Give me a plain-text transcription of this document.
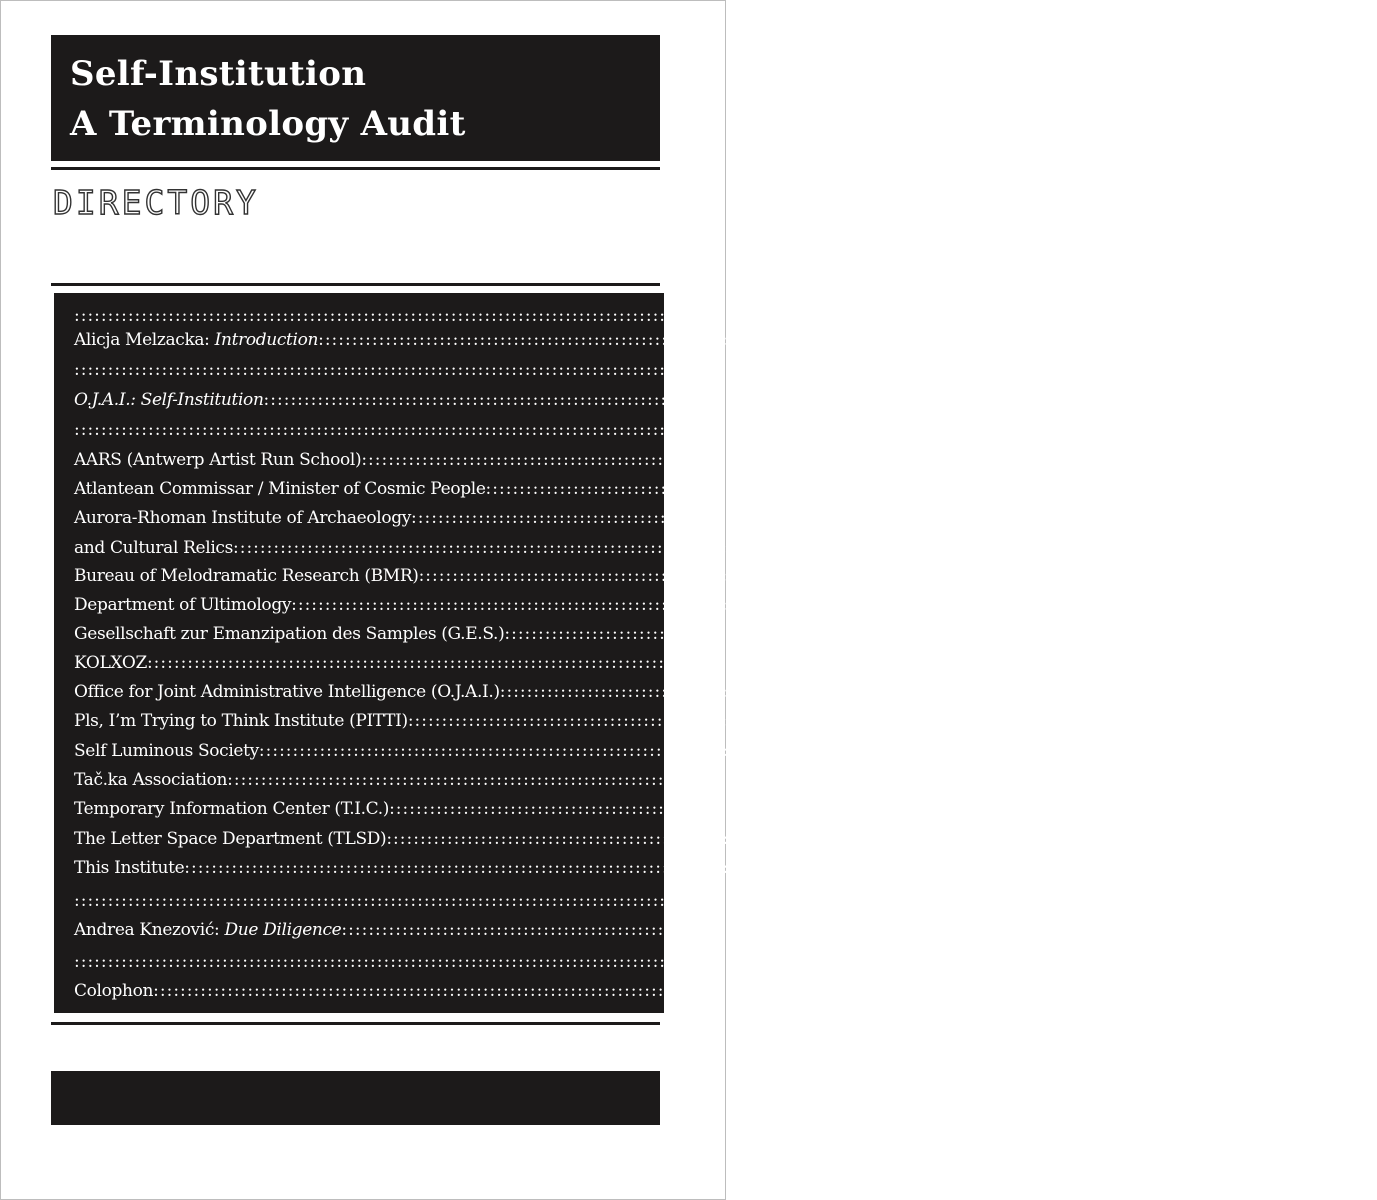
Self-Institution
A Terminology Audit
DIRECTORY
::::::::::::::::::::::::::::::::::::::::::::::::::::::::::::::::::::::::::::::::::::::::::::::::::::::::::::::::::::::::::
Alicja Melzacka: Introduction ::::::::::::::::::::::::::::::::::::::::::::::::::::::::::::::::::::::::::::::::::::::::::::::::::::::::::::::::::::::::::	3
::::::::::::::::::::::::::::::::::::::::::::::::::::::::::::::::::::::::::::::::::::::::::::::::::::::::::::::::::::::::::
O.J.A.I.: Self-Institution ::::::::::::::::::::::::::::::::::::::::::::::::::::::::::::::::::::::::::::::::::::::::::::::::::::::::::::::::::::::::::	6
::::::::::::::::::::::::::::::::::::::::::::::::::::::::::::::::::::::::::::::::::::::::::::::::::::::::::::::::::::::::::
AARS (Antwerp Artist Run School) ::::::::::::::::::::::::::::::::::::::::::::::::::::::::::::::::::::::::::::::::::::::::::::::::::::::::::::::::::::::::::	21
Atlantean Commissar / Minister of Cosmic People ::::::::::::::::::::::::::::::::::::::::::::::::::::::::::::::::::::::::::::::::::::::::::::::::::::::::::::::::::::::::::	24
Aurora-Rhoman Institute of Archaeology ::::::::::::::::::::::::::::::::::::::::::::::::::::::::::::::::::::::::::::::::::::::::::::::::::::::::::::::::::::::::::	32
and Cultural Relics
::::::::::::::::::::::::::::::::::::::::::::::::::::::::::::::::::::::::::::::::::::::::::::::::::::::::::::::::::::::::::
Bureau of Melodramatic Research (BMR) ::::::::::::::::::::::::::::::::::::::::::::::::::::::::::::::::::::::::::::::::::::::::::::::::::::::::::::::::::::::::::	36
Department of Ultimology ::::::::::::::::::::::::::::::::::::::::::::::::::::::::::::::::::::::::::::::::::::::::::::::::::::::::::::::::::::::::::	42
Gesellschaft zur Emanzipation des Samples (G.E.S.) ::::::::::::::::::::::::::::::::::::::::::::::::::::::::::::::::::::::::::::::::::::::::::::::::::::::::::::::::::::::::::	48
KOLXOZ ::::::::::::::::::::::::::::::::::::::::::::::::::::::::::::::::::::::::::::::::::::::::::::::::::::::::::::::::::::::::::	55
Office for Joint Administrative Intelligence (O.J.A.I.) ::::::::::::::::::::::::::::::::::::::::::::::::::::::::::::::::::::::::::::::::::::::::::::::::::::::::::::::::::::::::::	61
Pls, I’m Trying to Think Institute (PITTI) ::::::::::::::::::::::::::::::::::::::::::::::::::::::::::::::::::::::::::::::::::::::::::::::::::::::::::::::::::::::::::	67
Self Luminous Society ::::::::::::::::::::::::::::::::::::::::::::::::::::::::::::::::::::::::::::::::::::::::::::::::::::::::::::::::::::::::::	73
Tač.ka Association ::::::::::::::::::::::::::::::::::::::::::::::::::::::::::::::::::::::::::::::::::::::::::::::::::::::::::::::::::::::::::	82
Temporary Information Center (T.I.C.) ::::::::::::::::::::::::::::::::::::::::::::::::::::::::::::::::::::::::::::::::::::::::::::::::::::::::::::::::::::::::::	86
The Letter Space Department (TLSD) ::::::::::::::::::::::::::::::::::::::::::::::::::::::::::::::::::::::::::::::::::::::::::::::::::::::::::::::::::::::::::	92
This Institute ::::::::::::::::::::::::::::::::::::::::::::::::::::::::::::::::::::::::::::::::::::::::::::::::::::::::::::::::::::::::::	97
::::::::::::::::::::::::::::::::::::::::::::::::::::::::::::::::::::::::::::::::::::::::::::::::::::::::::::::::::::::::::
Andrea Knezović: Due Diligence ::::::::::::::::::::::::::::::::::::::::::::::::::::::::::::::::::::::::::::::::::::::::::::::::::::::::::::::::::::::::::	103
::::::::::::::::::::::::::::::::::::::::::::::::::::::::::::::::::::::::::::::::::::::::::::::::::::::::::::::::::::::::::
Colophon ::::::::::::::::::::::::::::::::::::::::::::::::::::::::::::::::::::::::::::::::::::::::::::::::::::::::::::::::::::::::::	120
